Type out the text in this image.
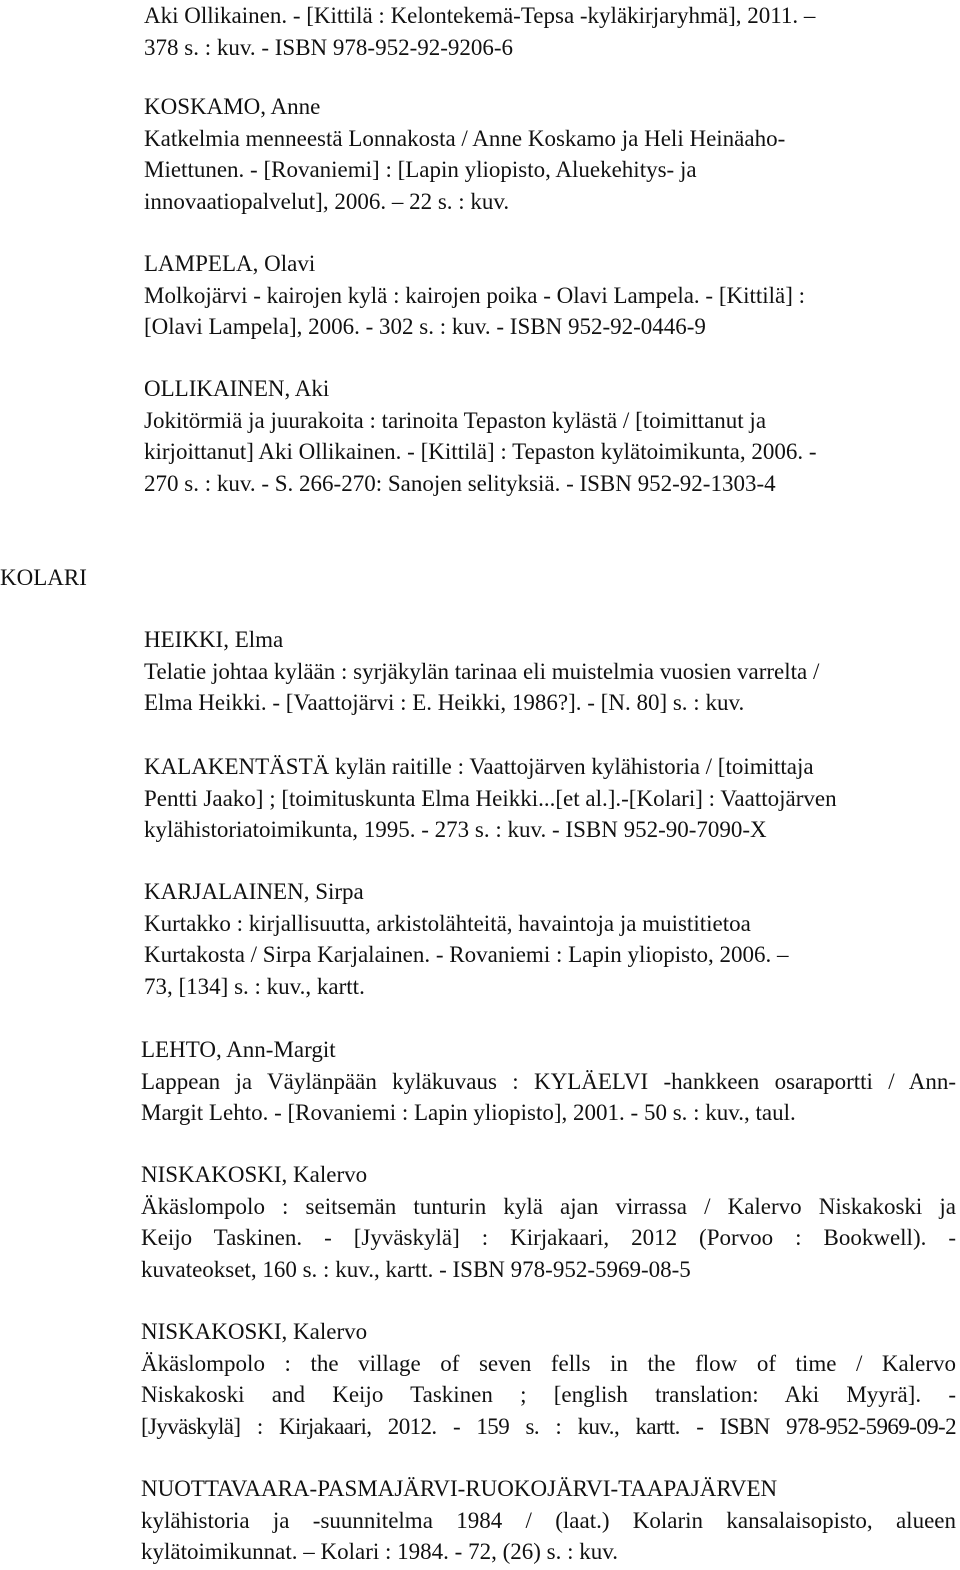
Aki Ollikainen. - [Kittilä : Kelontekemä-Tepsa -kyläkirjaryhmä], 2011. –
378 s. : kuv. - ISBN 978-952-92-9206-6
KOSKAMO, Anne
Katkelmia menneestä Lonnakosta / Anne Koskamo ja Heli Heinäaho-
Miettunen. - [Rovaniemi] : [Lapin yliopisto, Aluekehitys- ja
innovaatiopalvelut], 2006. – 22 s. : kuv.
LAMPELA, Olavi
Molkojärvi - kairojen kylä : kairojen poika - Olavi Lampela. - [Kittilä] :
[Olavi Lampela], 2006. - 302 s. : kuv. - ISBN 952-92-0446-9
OLLIKAINEN, Aki
Jokitörmiä ja juurakoita : tarinoita Tepaston kylästä / [toimittanut ja
kirjoittanut] Aki Ollikainen. - [Kittilä] : Tepaston kylätoimikunta, 2006. -
270 s. : kuv. - S. 266-270: Sanojen selityksiä. - ISBN 952-92-1303-4
KOLARI
HEIKKI, Elma
Telatie johtaa kylään : syrjäkylän tarinaa eli muistelmia vuosien varrelta /
Elma Heikki. - [Vaattojärvi : E. Heikki, 1986?]. - [N. 80] s. : kuv.
KALAKENTÄSTÄ kylän raitille : Vaattojärven kylähistoria / [toimittaja
Pentti Jaako] ; [toimituskunta Elma Heikki...[et al.].-[Kolari] : Vaattojärven
kylähistoriatoimikunta, 1995. - 273 s. : kuv. - ISBN 952-90-7090-X
KARJALAINEN, Sirpa
Kurtakko : kirjallisuutta, arkistolähteitä, havaintoja ja muistitietoa
Kurtakosta / Sirpa Karjalainen. - Rovaniemi : Lapin yliopisto, 2006. –
73, [134] s. : kuv., kartt.
LEHTO, Ann-Margit
Lappean ja Väylänpään kyläkuvaus : KYLÄELVI -hankkeen osaraportti / Ann-
Margit Lehto. - [Rovaniemi : Lapin yliopisto], 2001. - 50 s. : kuv., taul.
NISKAKOSKI, Kalervo
Äkäslompolo : seitsemän tunturin kylä ajan virrassa / Kalervo Niskakoski ja
Keijo Taskinen. - [Jyväskylä] : Kirjakaari, 2012 (Porvoo : Bookwell). -
kuvateokset, 160 s. : kuv., kartt. - ISBN 978-952-5969-08-5
NISKAKOSKI, Kalervo
Äkäslompolo : the village of seven fells in the flow of time / Kalervo
Niskakoski and Keijo Taskinen ; [english translation: Aki Myyrä]. -
[Jyväskylä] : Kirjakaari, 2012. - 159 s. : kuv., kartt. - ISBN 978-952-5969-09-2
NUOTTAVAARA-PASMAJÄRVI-RUOKOJÄRVI-TAAPAJÄRVEN
kylähistoria ja -suunnitelma 1984 / (laat.) Kolarin kansalaisopisto, alueen
kylätoimikunnat. – Kolari : 1984. - 72, (26) s. : kuv.
